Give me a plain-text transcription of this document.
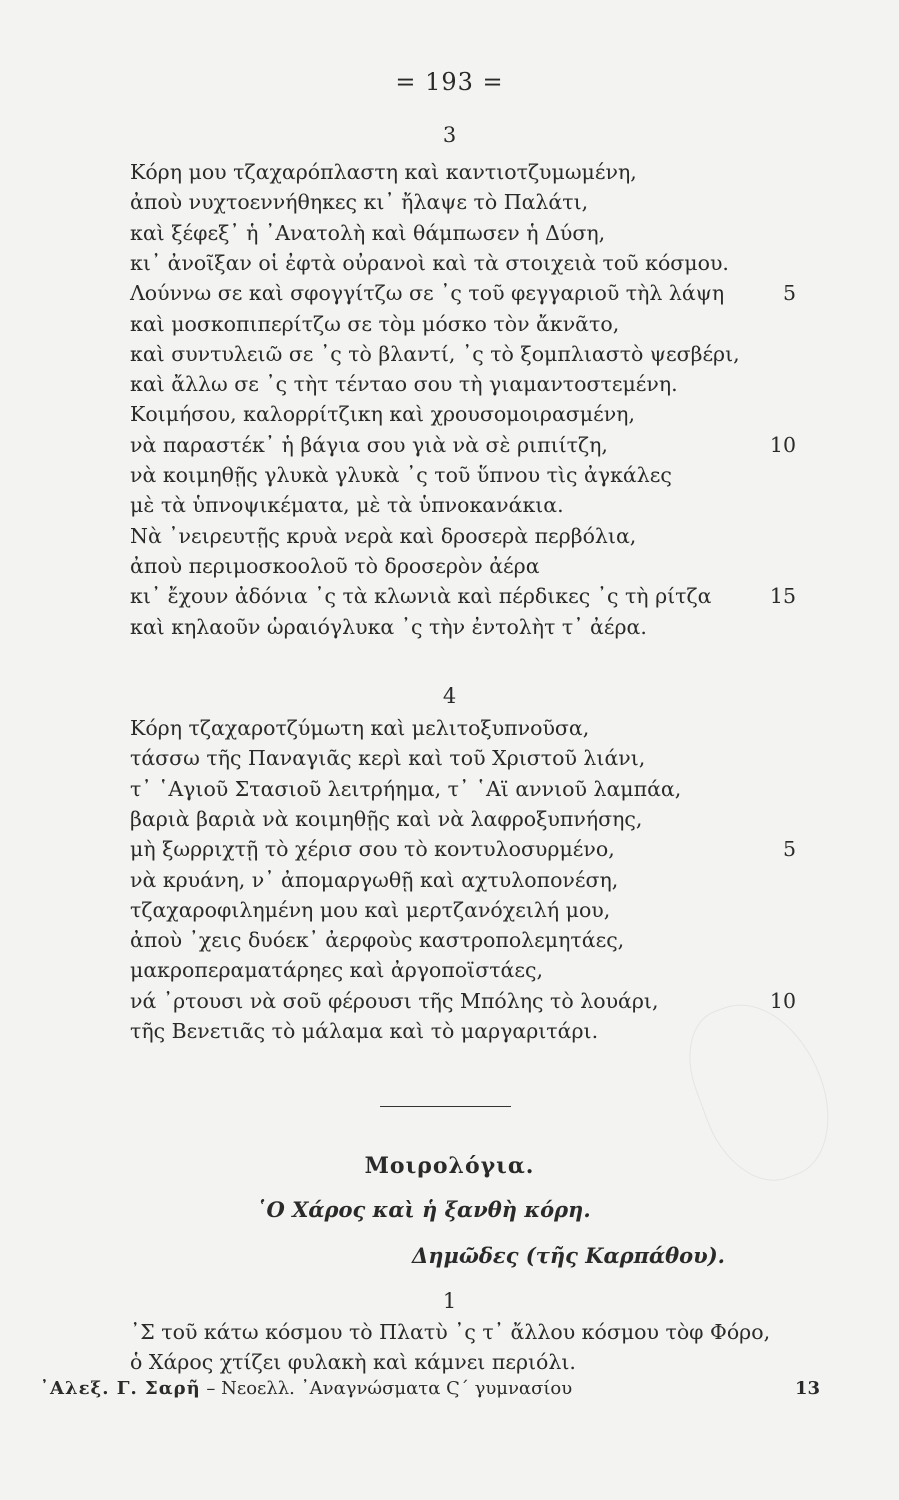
= 193 =
3
Κόρη μου τζαχαρόπλαστη καὶ καντιοτζυμωμένη,
ἀποὺ νυχτοεννήθηκες κι᾽ ἤλαψε τὸ Παλάτι,
καὶ ξέφεξ᾽ ἡ ᾿Ανατολὴ καὶ θάμπωσεν ἡ Δύση,
κι᾽ ἀνοῖξαν οἱ ἐφτὰ οὐρανοὶ καὶ τὰ στοιχειὰ τοῦ κόσμου.
Λούννω σε καὶ σφογγίτζω σε ᾽ς τοῦ φεγγαριοῦ τὴλ λάψη	5
καὶ μοσκοπιπερίτζω σε τὸμ μόσκο τὸν ἄκνᾶτο,
καὶ συντυλειῶ σε ᾽ς τὸ βλαντί, ᾽ς τὸ ξομπλιαστὸ ψεσβέρι,
καὶ ἄλλω σε ᾽ς τὴτ τένταο σου τὴ γιαμαντοστεμένη.
Κοιμήσου, καλορρίτζικη καὶ χρουσομοιρασμένη,
νὰ παραστέκ᾽ ἡ βάγια σου γιὰ νὰ σὲ ριπιίτζη,	10
νὰ κοιμηθῇς γλυκὰ γλυκὰ ᾽ς τοῦ ὕπνου τὶς ἀγκάλες
μὲ τὰ ὑπνοψικέματα, μὲ τὰ ὑπνοκανάκια.
Νὰ ᾽νειρευτῇς κρυὰ νερὰ καὶ δροσερὰ περβόλια,
ἀποὺ περιμοσκοολοῦ τὸ δροσερὸν ἀέρα
κι᾽ ἔχουν ἀδόνια ᾽ς τὰ κλωνιὰ καὶ πέρδικες ᾽ς τὴ ρίτζα	15
καὶ κηλαοῦν ὡραιόγλυκα ᾽ς τὴν ἐντολὴτ τ᾽ ἀέρα.
4
Κόρη τζαχαροτζύμωτη καὶ μελιτοξυπνοῦσα,
τάσσω τῆς Παναγιᾶς κερὶ καὶ τοῦ Χριστοῦ λιάνι,
τ᾽ ῾Αγιοῦ Στασιοῦ λειτρήημα, τ᾽ ῾Αϊ αννιοῦ λαμπάα,
βαριὰ βαριὰ νὰ κοιμηθῇς καὶ νὰ λαφροξυπνήσης,
μὴ ξωρριχτῇ τὸ χέρισ σου τὸ κοντυλοσυρμένο,	5
νὰ κρυάνη, ν᾽ ἀπομαργωθῇ καὶ αχτυλοπονέση,
τζαχαροφιλημένη μου καὶ μερτζανόχειλή μου,
ἀποὺ ᾽χεις δυόεκ᾽ ἀερφοὺς καστροπολεμητάες,
μακροπεραματάρηες καὶ ἀργοποϊστάες,
νά ᾽ρτουσι νὰ σοῦ φέρουσι τῆς Μπόλης τὸ λουάρι,	10
τῆς Βενετιᾶς τὸ μάλαμα καὶ τὸ μαργαριτάρι.
Μοιρολόγια.
῾Ο Χάρος καὶ ἡ ξανθὴ κόρη.
Δημῶδες (τῆς Καρπάθου).
1
᾽Σ τοῦ κάτω κόσμου τὸ Πλατὺ ᾽ς τ᾽ ἄλλου κόσμου τὸφ Φόρο,
ὁ Χάρος χτίζει φυλακὴ καὶ κάμνει περιόλι.
᾽Αλεξ. Γ. Σαρῆ – Νεοελλ. ᾽Αναγνώσματα Ϛ´ γυμνασίου	13
